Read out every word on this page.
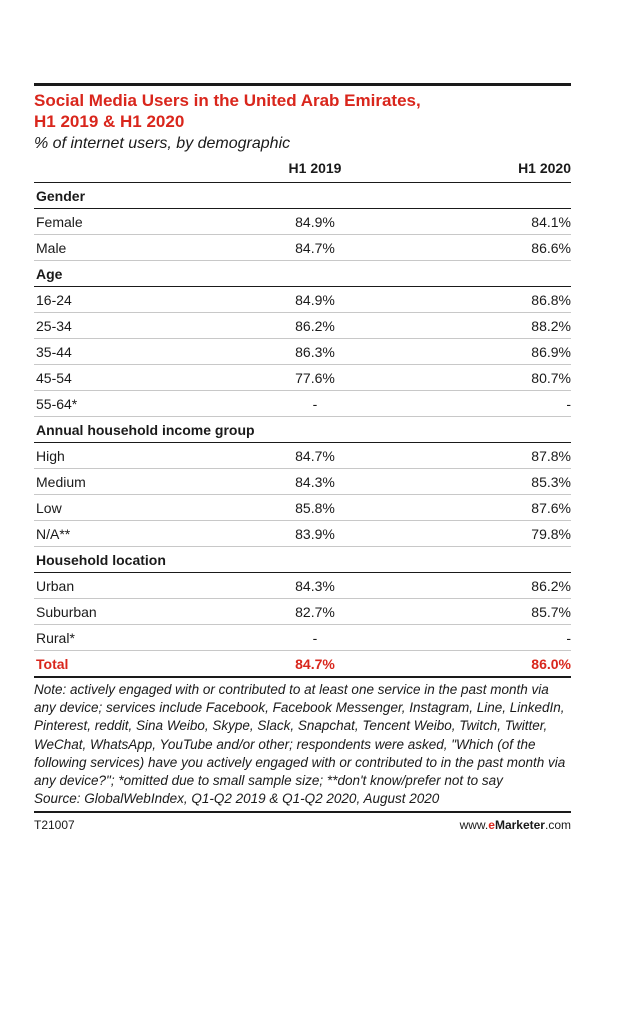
Social Media Users in the United Arab Emirates,
H1 2019 & H1 2020
% of internet users, by demographic
	H1 2019	H1 2020
Gender		
Female	84.9%	84.1%
Male	84.7%	86.6%
Age		
16-24	84.9%	86.8%
25-34	86.2%	88.2%
35-44	86.3%	86.9%
45-54	77.6%	80.7%
55-64*	-	-
Annual household income group		
High	84.7%	87.8%
Medium	84.3%	85.3%
Low	85.8%	87.6%
N/A**	83.9%	79.8%
Household location		
Urban	84.3%	86.2%
Suburban	82.7%	85.7%
Rural*	-	-
Total	84.7%	86.0%
Note: actively engaged with or contributed to at least one service in the past month via any device; services include Facebook, Facebook Messenger, Instagram, Line, LinkedIn, Pinterest, reddit, Sina Weibo, Skype, Slack, Snapchat, Tencent Weibo, Twitch, Twitter, WeChat, WhatsApp, YouTube and/or other; respondents were asked, "Which (of the following services) have you actively engaged with or contributed to in the past month via any device?"; *omitted due to small sample size; **don't know/prefer not to say
Source: GlobalWebIndex, Q1-Q2 2019 & Q1-Q2 2020, August 2020
T21007	www.eMarketer.com
